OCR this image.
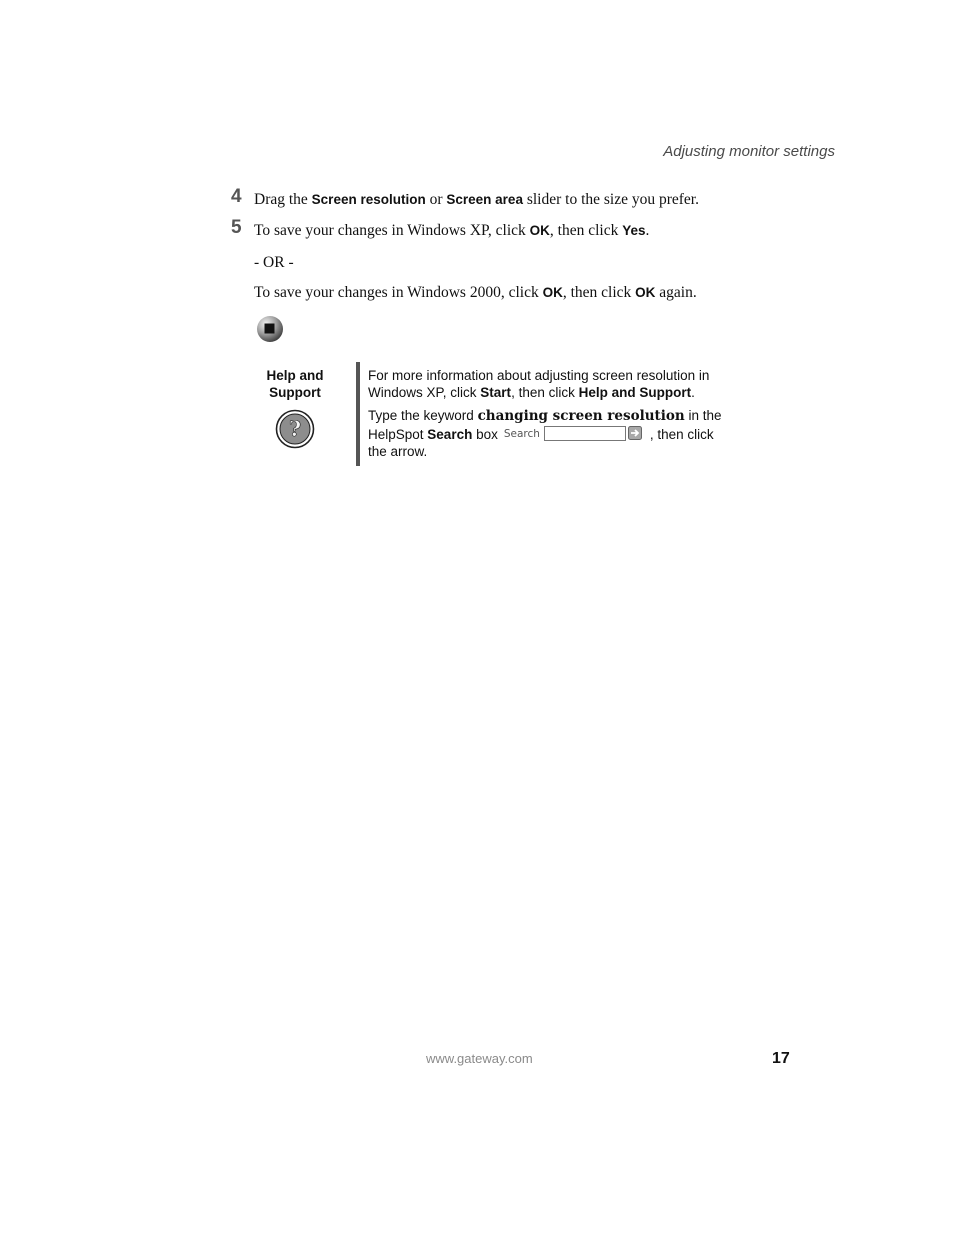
Adjusting monitor settings
4 Drag the Screen resolution or Screen area slider to the size you prefer.
5 To save your changes in Windows XP, click OK, then click Yes.
- OR -
To save your changes in Windows 2000, click OK, then click OK again.
Help and Support
?

For more information about adjusting screen resolution in Windows XP, click Start, then click Help and Support.

Type the keyword changing screen resolution in the HelpSpot Search box Search	, then click the arrow.

www.gateway.com	17
